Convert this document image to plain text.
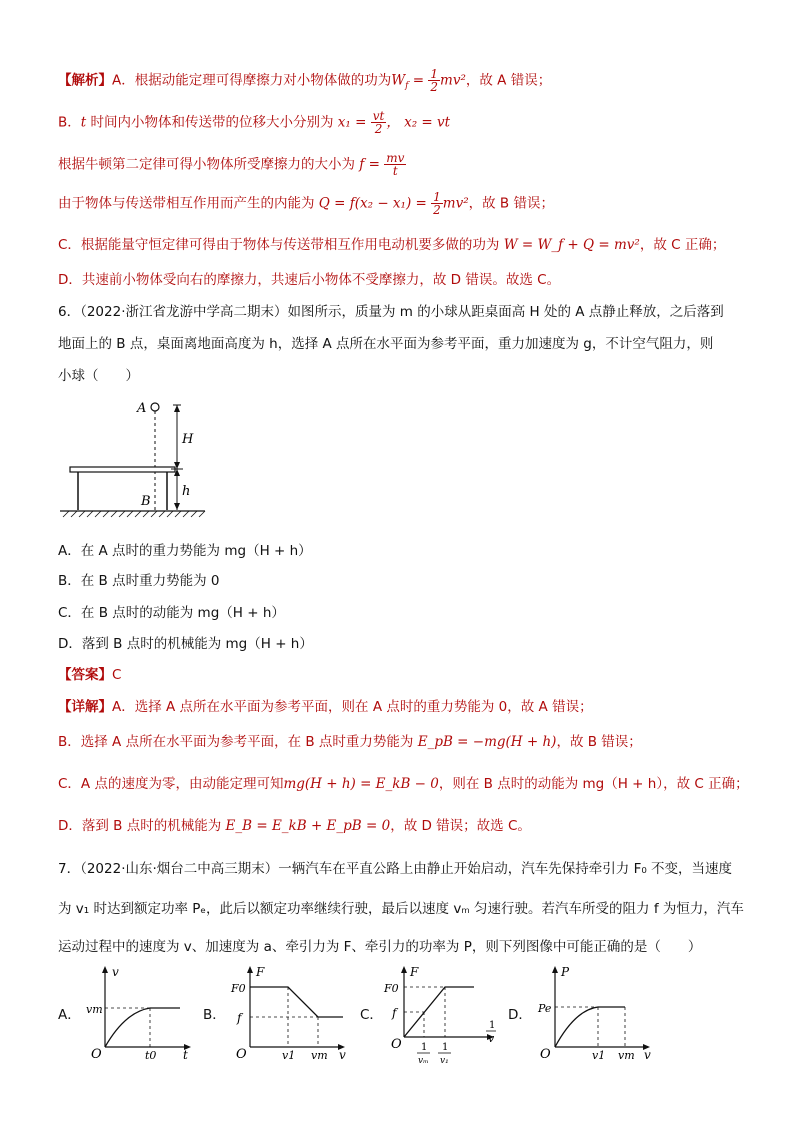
【解析】A．根据动能定理可得摩擦力对小物体做的功为$W_f = \frac{1}{2} mv^2$，故 A 错误；
B．t 时间内小物体和传送带的位移大小分别为 $x_1 = \frac{vt}{2}$ ， x₂ = vt
根据牛顿第二定律可得小物体所受摩擦力的大小为 $f = \frac{mv}{t}$
由于物体与传送带相互作用而产生的内能为 $Q = f(x_2 - x_1) = \frac{1}{2} mv^2$，故 B 错误；
C．根据能量守恒定律可得由于物体与传送带相互作用电动机要多做的功为 W = W_f + Q = mv²，故 C 正确；
D．共速前小物体受向右的摩擦力，共速后小物体不受摩擦力，故 D 错误。故选 C。
6．（2022·浙江省龙游中学高二期末）如图所示，质量为 m 的小球从距桌面高 H 处的 A 点静止释放，之后落到
地面上的 B 点，桌面离地面高度为 h，选择 A 点所在水平面为参考平面，重力加速度为 g，不计空气阻力，则
小球（　　）
A
B
H
h
A．在 A 点时的重力势能为 mg（H + h）
B．在 B 点时重力势能为 0
C．在 B 点时的动能为 mg（H + h）
D．落到 B 点时的机械能为 mg（H + h）
【答案】C
【详解】A．选择 A 点所在水平面为参考平面，则在 A 点时的重力势能为 0，故 A 错误；
B．选择 A 点所在水平面为参考平面，在 B 点时重力势能为 E_pB = −mg(H + h)，故 B 错误；
C．A 点的速度为零，由动能定理可知mg(H + h) = E_kB − 0，则在 B 点时的动能为 mg（H + h），故 C 正确；
D．落到 B 点时的机械能为 E_B = E_kB + E_pB = 0，故 D 错误；故选 C。
7．（2022·山东·烟台二中高三期末）一辆汽车在平直公路上由静止开始启动，汽车先保持牵引力 F₀ 不变，当速度
为 v₁ 时达到额定功率 Pₑ，此后以额定功率继续行驶，最后以速度 vₘ 匀速行驶。若汽车所受的阻力 f 为恒力，汽车
运动过程中的速度为 v、加速度为 a、牵引力为 F、牵引力的功率为 P，则下列图像中可能正确的是（　　）
A．	B．	C．	D．
v
t
vm
t0
O
F
v
F0
f
v1 vm
O
F
1
v
F0
f
1
vₘ
1
v₁
O
P
v
Pe
v1 vm
O
